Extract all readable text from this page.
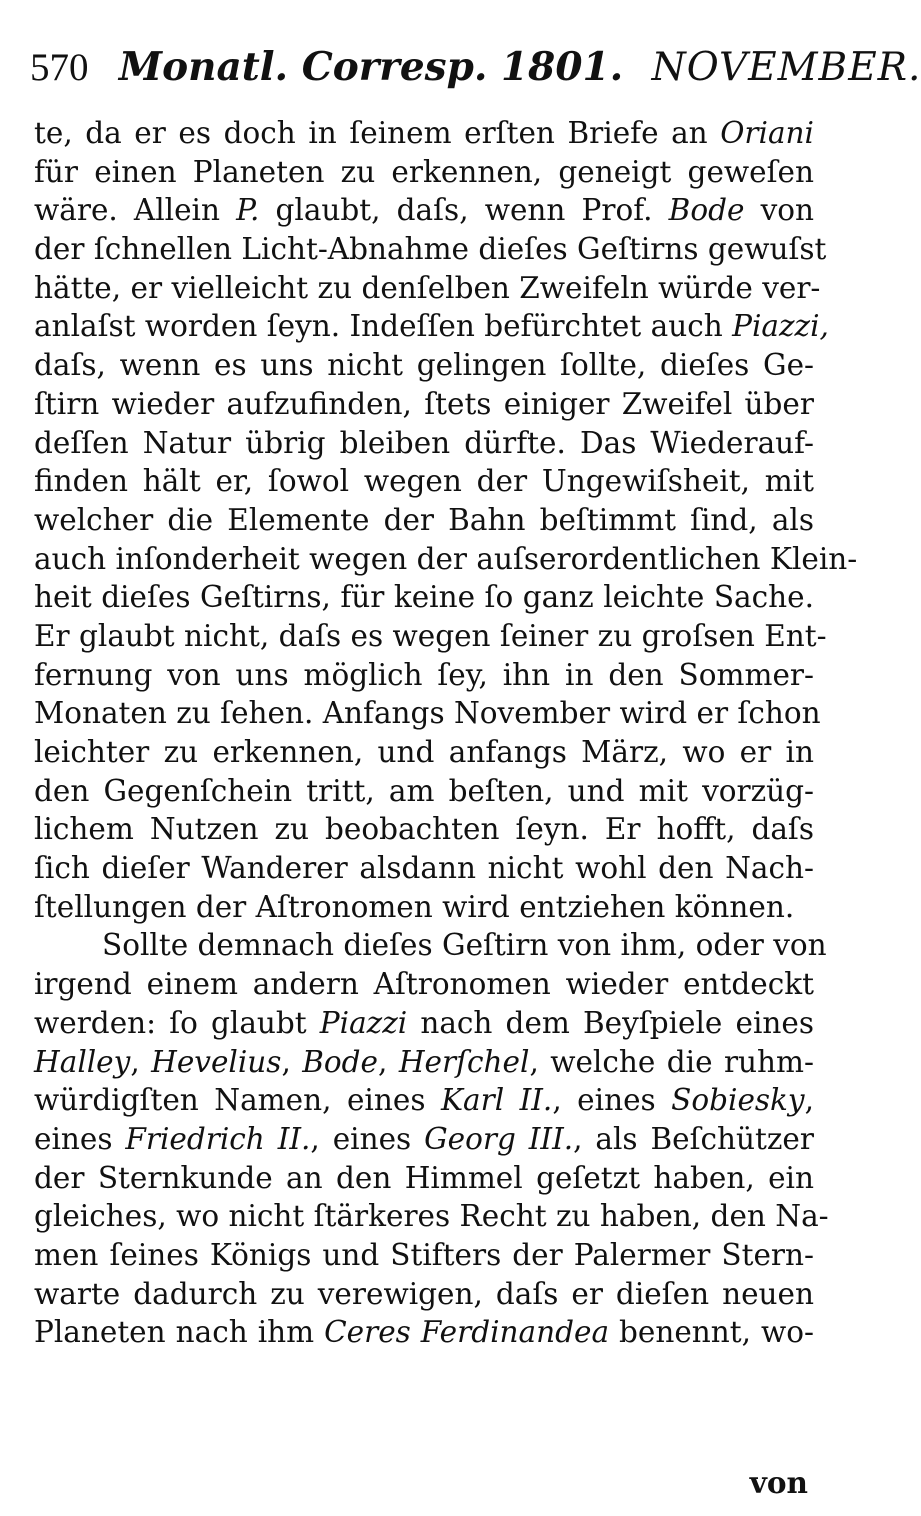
570 Monatl. Corresp. 1801. NOVEMBER.
te, da er es doch in ſeinem erſten Briefe an Oriani
für einen Planeten zu erkennen, geneigt geweſen
wäre. Allein P. glaubt, daſs, wenn Prof. Bode von
der ſchnellen Licht-Abnahme dieſes Geſtirns gewuſst
hätte, er vielleicht zu denſelben Zweifeln würde ver-
anlaſst worden ſeyn. Indeſſen befürchtet auch Piazzi,
daſs, wenn es uns nicht gelingen ſollte, dieſes Ge-
ſtirn wieder aufzufinden, ſtets einiger Zweifel über
deſſen Natur übrig bleiben dürfte. Das Wiederauf-
finden hält er, ſowol wegen der Ungewiſsheit, mit
welcher die Elemente der Bahn beſtimmt ſind, als
auch inſonderheit wegen der auſserordentlichen Klein-
heit dieſes Geſtirns, für keine ſo ganz leichte Sache.
Er glaubt nicht, daſs es wegen ſeiner zu groſsen Ent-
fernung von uns möglich ſey, ihn in den Sommer-
Monaten zu ſehen. Anfangs November wird er ſchon
leichter zu erkennen, und anfangs März, wo er in
den Gegenſchein tritt, am beſten, und mit vorzüg-
lichem Nutzen zu beobachten ſeyn. Er hofft, daſs
ſich dieſer Wanderer alsdann nicht wohl den Nach-
ſtellungen der Aſtronomen wird entziehen können.
Sollte demnach dieſes Geſtirn von ihm, oder von
irgend einem andern Aſtronomen wieder entdeckt
werden: ſo glaubt Piazzi nach dem Beyſpiele eines
Halley, Hevelius, Bode, Herſchel, welche die ruhm-
würdigſten Namen, eines Karl II., eines Sobiesky,
eines Friedrich II., eines Georg III., als Beſchützer
der Sternkunde an den Himmel geſetzt haben, ein
gleiches, wo nicht ſtärkeres Recht zu haben, den Na-
men ſeines Königs und Stifters der Palermer Stern-
warte dadurch zu verewigen, daſs er dieſen neuen
Planeten nach ihm Ceres Ferdinandea benennt, wo-
von
